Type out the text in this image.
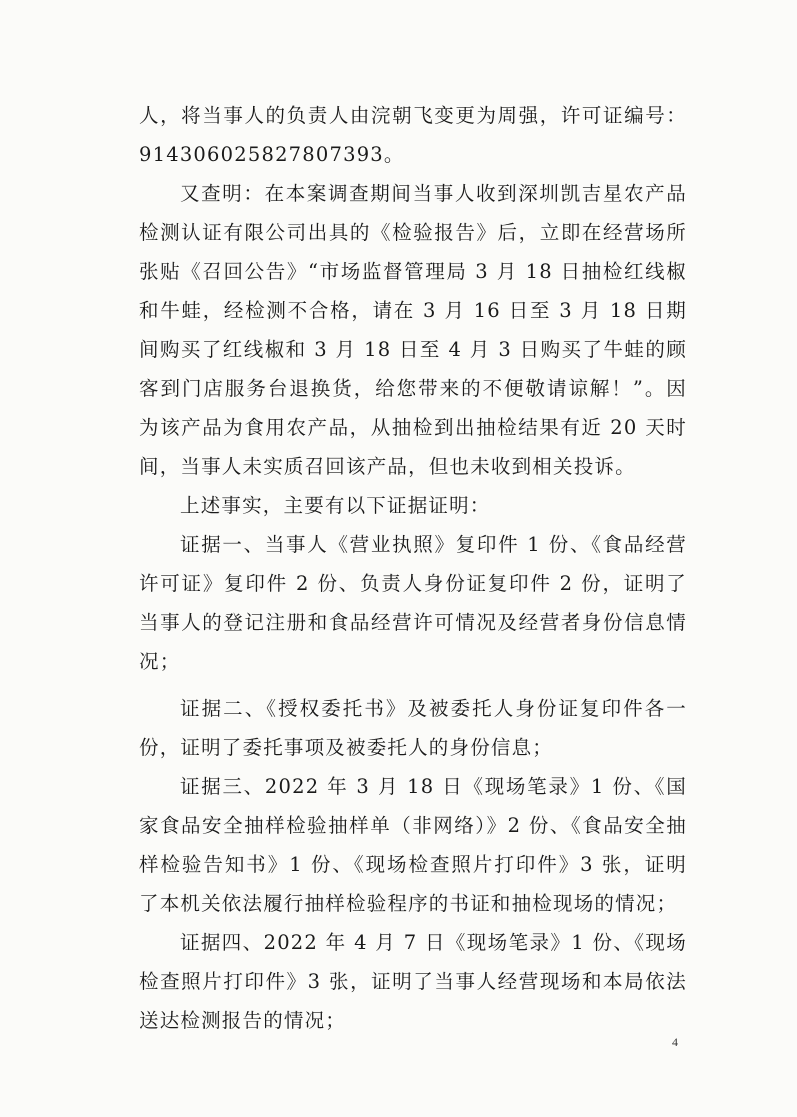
人，将当事人的负责人由浣朝飞变更为周强，许可证编号：91430602582780739​3。

又查明：在本案调查期间当事人收到深圳凯吉星农产品检测认证有限公司出具的《检验报告》后，立即在经营场所张贴《召回公告》“市场监督管理局 3 月 18 日抽检红线椒和牛蛙，经检测不合格，请在 3 月 16 日至 3 月 18 日期间购买了红线椒和 3 月 18 日至 4 月 3 日购买了牛蛙的顾客到门店服务台退换货，给您带来的不便敬请谅解！”。因为该产品为食用农产品，从抽检到出抽检结果有近 20 天时间，当事人未实质召回该产品，但也未收到相关投诉。

上述事实，主要有以下证据证明：

证据一、当事人《营业执照》复印件 1 份、《食品经营许可证》复印件 2 份、负责人身份证复印件 2 份，证明了当事人的登记注册和食品经营许可情况及经营者身份信息情况；

证据二、《授权委托书》及被委托人身份证复印件各一份，证明了委托事项及被委托人的身份信息；

证据三、2022 年 3 月 18 日《现场笔录》1 份、《国家食品安全抽样检验抽样单（非网络）》2 份、《食品安全抽样检验告知书》1 份、《现场检查照片打印件》3 张，证明了本机关依法履行抽样检验程序的书证和抽检现场的情况；

证据四、2022 年 4 月 7 日《现场笔录》1 份、《现场检查照片打印件》3 张，证明了当事人经营现场和本局依法送达检测报告的情况；

4
